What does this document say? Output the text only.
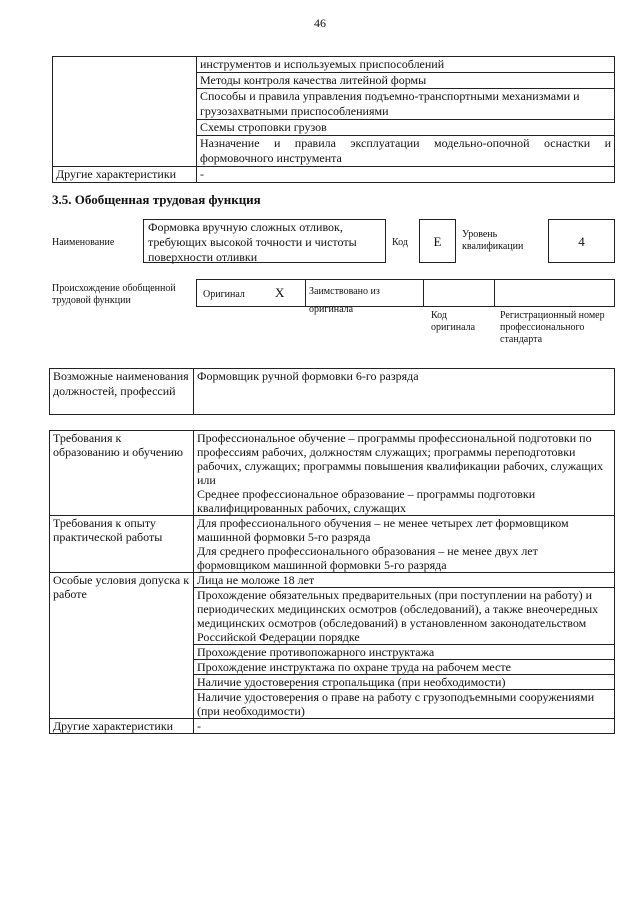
46
	инструментов и используемых приспособлений
	Методы контроля качества литейной формы
	Способы и правила управления подъемно-транспортными механизмами и грузозахватными приспособлениями
	Схемы строповки грузов
	Назначение и правила эксплуатации модельно-опочной оснастки и формовочного инструмента
Другие характеристики	-
3.5. Обобщенная трудовая функция
Наименование
Формовка вручную сложных отливок, требующих высокой точности и чистоты поверхности отливки
Код	E	Уровень квалификации	4
Происхождение обобщенной трудовой функции
Оригинал X	Заимствовано из оригинала
Код оригинала
Регистрационный номер профессионального стандарта
Возможные наименования должностей, профессий	Формовщик ручной формовки 6-го разряда
Требования к образованию и обучению	Профессиональное обучение – программы профессиональной подготовки по профессиям рабочих, должностям служащих; программы переподготовки рабочих, служащих; программы повышения квалификации рабочих, служащих
или
Среднее профессиональное образование – программы подготовки квалифицированных рабочих, служащих

Требования к опыту практической работы	Для профессионального обучения – не менее четырех лет формовщиком машинной формовки 5-го разряда
Для среднего профессионального образования – не менее двух лет формовщиком машинной формовки 5-го разряда

Особые условия допуска к работе	Лица не моложе 18 лет
	Прохождение обязательных предварительных (при поступлении на работу) и периодических медицинских осмотров (обследований), а также внеочередных медицинских осмотров (обследований) в установленном законодательством Российской Федерации порядке
	Прохождение противопожарного инструктажа
	Прохождение инструктажа по охране труда на рабочем месте
	Наличие удостоверения стропальщика (при необходимости)
	Наличие удостоверения о праве на работу с грузоподъемными сооружениями (при необходимости)
Другие характеристики	-
